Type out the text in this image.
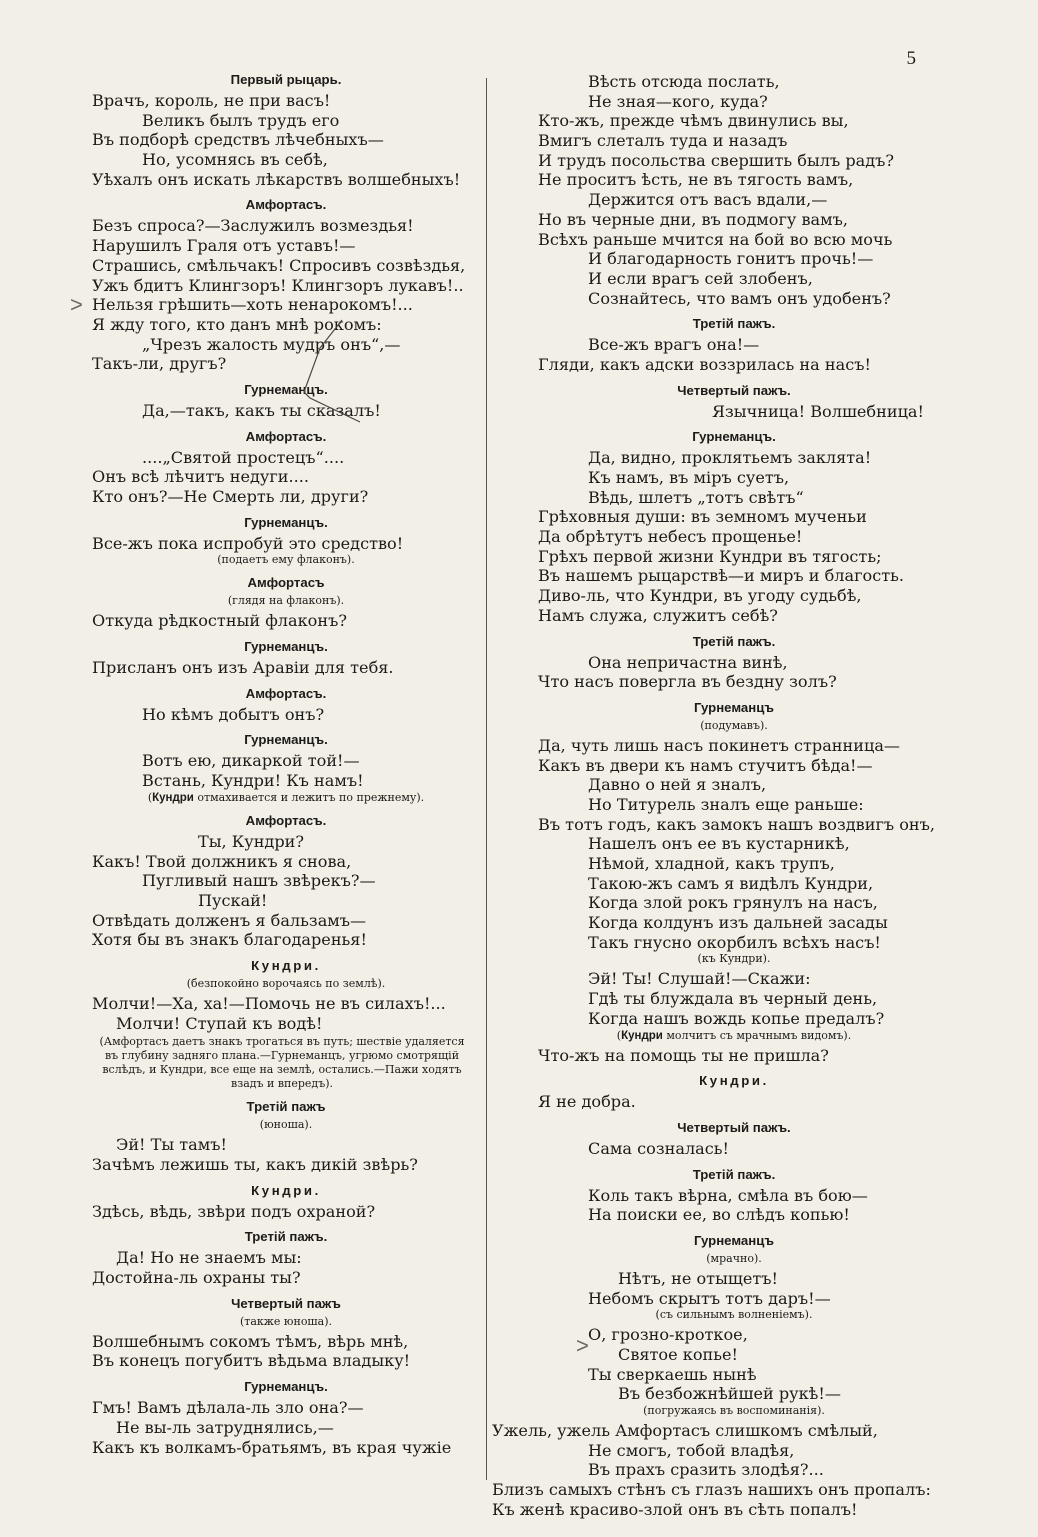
5
Первый рыцарь.
Врачъ, король, не при васъ!
Великъ былъ трудъ его
Въ подборѣ средствъ лѣчебныхъ—
Но, усомнясь въ себѣ,
Уѣхалъ онъ искать лѣкарствъ волшебныхъ!
Амфортасъ.
Безъ спроса?—Заслужилъ возмездья!
Нарушилъ Граля отъ уставъ!—
Страшись, смѣльчакъ! Спросивъ созвѣздья,
Ужъ бдитъ Клингзоръ! Клингзоръ лукавъ!..
Нельзя грѣшить—хоть ненарокомъ!...
Я жду того, кто данъ мнѣ рокомъ:
„Чрезъ жалость мудръ онъ“,—
Такъ-ли, другъ?
Гурнеманцъ.
Да,—такъ, какъ ты сказалъ!
Амфортасъ.
....„Святой простецъ“....
Онъ всѣ лѣчитъ недуги....
Кто онъ?—Не Смерть ли, други?
Гурнеманцъ.
Все-жъ пока испробуй это средство!
(подаетъ ему флаконъ).
Амфортасъ
(глядя на флаконъ).
Откуда рѣдкостный флаконъ?
Гурнеманцъ.
Присланъ онъ изъ Аравіи для тебя.
Амфортасъ.
Но кѣмъ добытъ онъ?
Гурнеманцъ.
Вотъ ею, дикаркой той!—
Встань, Кундри! Къ намъ!
(Кундри отмахивается и лежитъ по прежнему).
Амфортасъ.
Ты, Кундри?
Какъ! Твой должникъ я снова,
Пугливый нашъ звѣрекъ?—
Пускай!
Отвѣдать долженъ я бальзамъ—
Хотя бы въ знакъ благодаренья!
Кундри.
(безпокойно ворочаясь по землѣ).
Молчи!—Ха, ха!—Помочь не въ силахъ!...
Молчи! Ступай къ водѣ!
(Амфортасъ даетъ знакъ трогаться въ путь; шествіе удаляется
въ глубину задняго плана.—Гурнеманцъ, угрюмо смотрящій
вслѣдъ, и Кундри, все еще на землѣ, остались.—Пажи ходятъ
взадъ и впередъ).
Третій пажъ
(юноша).
Эй! Ты тамъ!
Зачѣмъ лежишь ты, какъ дикій звѣрь?
Кундри.
Здѣсь, вѣдь, звѣри подъ охраной?
Третій пажъ.
Да! Но не знаемъ мы:
Достойна-ль охраны ты?
Четвертый пажъ
(также юноша).
Волшебнымъ сокомъ тѣмъ, вѣрь мнѣ,
Въ конецъ погубитъ вѣдьма владыку!
Гурнеманцъ.
Гмъ! Вамъ дѣлала-ль зло она?—
Не вы-ль затруднялись,—
Какъ къ волкамъ-братьямъ, въ края чужіе
Вѣсть отсюда послать,
Не зная—кого, куда?
Кто-жъ, прежде чѣмъ двинулись вы,
Вмигъ слеталъ туда и назадъ
И трудъ посольства свершить былъ радъ?
Не проситъ ѣсть, не въ тягость вамъ,
Держится отъ васъ вдали,—
Но въ черные дни, въ подмогу вамъ,
Всѣхъ раньше мчится на бой во всю мочь
И благодарность гонитъ прочь!—
И если врагъ сей злобенъ,
Сознайтесь, что вамъ онъ удобенъ?
Третій пажъ.
Все-жъ врагъ она!—
Гляди, какъ адски воззрилась на насъ!
Четвертый пажъ.
Язычница! Волшебница!
Гурнеманцъ.
Да, видно, проклятьемъ заклята!
Къ намъ, въ міръ суетъ,
Вѣдь, шлетъ „тотъ свѣтъ“
Грѣховныя души: въ земномъ мученьи
Да обрѣтутъ небесъ прощенье!
Грѣхъ первой жизни Кундри въ тягость;
Въ нашемъ рыцарствѣ—и миръ и благость.
Диво-ль, что Кундри, въ угоду судьбѣ,
Намъ служа, служитъ себѣ?
Третій пажъ.
Она непричастна винѣ,
Что насъ повергла въ бездну золъ?
Гурнеманцъ
(подумавъ).
Да, чуть лишь насъ покинетъ странница—
Какъ въ двери къ намъ стучитъ бѣда!—
Давно о ней я зналъ,
Но Титурель зналъ еще раньше:
Въ тотъ годъ, какъ замокъ нашъ воздвигъ онъ,
Нашелъ онъ ее въ кустарникѣ,
Нѣмой, хладной, какъ трупъ,
Такою-жъ самъ я видѣлъ Кундри,
Когда злой рокъ грянулъ на насъ,
Когда колдунъ изъ дальней засады
Такъ гнусно окорбилъ всѣхъ насъ!
(къ Кундри).
Эй! Ты! Слушай!—Скажи:
Гдѣ ты блуждала въ черный день,
Когда нашъ вождь копье предалъ?
(Кундри молчитъ съ мрачнымъ видомъ).
Что-жъ на помощь ты не пришла?
Кундри.
Я не добра.
Четвертый пажъ.
Сама созналась!
Третій пажъ.
Коль такъ вѣрна, смѣла въ бою—
На поиски ее, во слѣдъ копью!
Гурнеманцъ
(мрачно).
Нѣтъ, не отыщетъ!
Небомъ скрытъ тотъ даръ!—
(съ сильнымъ волненіемъ).
О, грозно-кроткое,
Святое копье!
Ты сверкаешь нынѣ
Въ безбожнѣйшей рукѣ!—
(погружаясь въ воспоминанія).
Ужель, ужель Амфортасъ слишкомъ смѣлый,
Не смогъ, тобой владѣя,
Въ прахъ сразить злодѣя?...
Близъ самыхъ стѣнъ съ глазъ нашихъ онъ пропалъ:
Къ женѣ красиво-злой онъ въ сѣть попалъ!
>
>
